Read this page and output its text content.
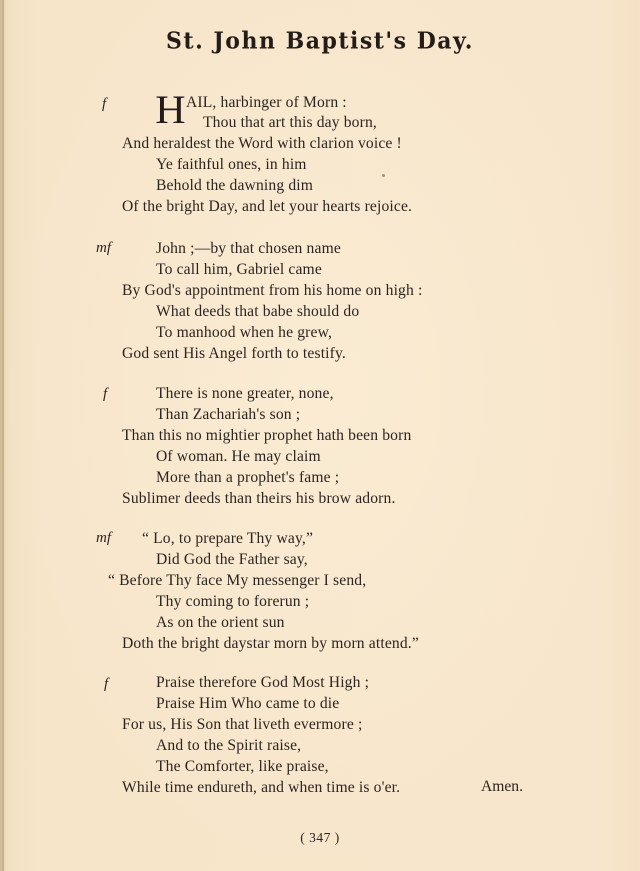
St. John Baptist's Day.
f H AIL, harbinger of Morn :
Thou that art this day born,
And heraldest the Word with clarion voice !
Ye faithful ones, in him
Behold the dawning dim
Of the bright Day, and let your hearts rejoice.
mf	John ;—by that chosen name
To call him, Gabriel came
By God's appointment from his home on high :
What deeds that babe should do
To manhood when he grew,
God sent His Angel forth to testify.
f	There is none greater, none,
Than Zachariah's son ;
Than this no mightier prophet hath been born
Of woman. He may claim
More than a prophet's fame ;
Sublimer deeds than theirs his brow adorn.
mf “ Lo, to prepare Thy way,”
Did God the Father say,
“ Before Thy face My messenger I send,
Thy coming to forerun ;
As on the orient sun
Doth the bright daystar morn by morn attend.”
f	Praise therefore God Most High ;
Praise Him Who came to die
For us, His Son that liveth evermore ;
And to the Spirit raise,
The Comforter, like praise,
While time endureth, and when time is o'er.	Amen.
( 347 )
